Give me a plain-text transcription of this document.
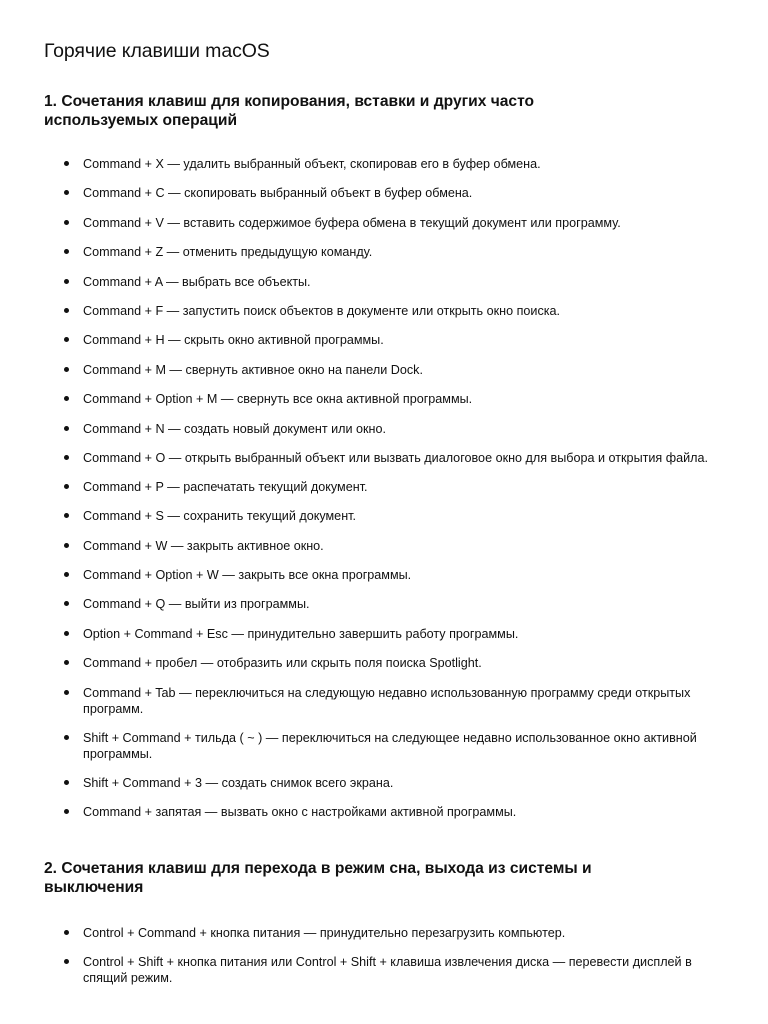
Горячие клавиши macOS
1. Сочетания клавиш для копирования, вставки и других часто используемых операций
Command + X — удалить выбранный объект, скопировав его в буфер обмена.
Command + C — скопировать выбранный объект в буфер обмена.
Command + V — вставить содержимое буфера обмена в текущий документ или программу.
Command + Z — отменить предыдущую команду.
Command + A — выбрать все объекты.
Command + F — запустить поиск объектов в документе или открыть окно поиска.
Command + H — скрыть окно активной программы.
Command + M — свернуть активное окно на панели Dock.
Command + Option + M — свернуть все окна активной программы.
Command + N — создать новый документ или окно.
Command + O — открыть выбранный объект или вызвать диалоговое окно для выбора и открытия файла.
Command + P — распечатать текущий документ.
Command + S — сохранить текущий документ.
Command + W — закрыть активное окно.
Command + Option + W — закрыть все окна программы.
Command + Q — выйти из программы.
Option + Command + Esc — принудительно завершить работу программы.
Command + пробел — отобразить или скрыть поля поиска Spotlight.
Command + Tab — переключиться на следующую недавно использованную программу среди открытых программ.
Shift + Command + тильда ( ~ ) — переключиться на следующее недавно использованное окно активной программы.
Shift + Command + 3 — создать снимок всего экрана.
Command + запятая — вызвать окно с настройками активной программы.
2. Сочетания клавиш для перехода в режим сна, выхода из системы и выключения
Control + Command + кнопка питания — принудительно перезагрузить компьютер.
Control + Shift + кнопка питания или Control + Shift + клавиша извлечения диска — перевести дисплей в спящий режим.
